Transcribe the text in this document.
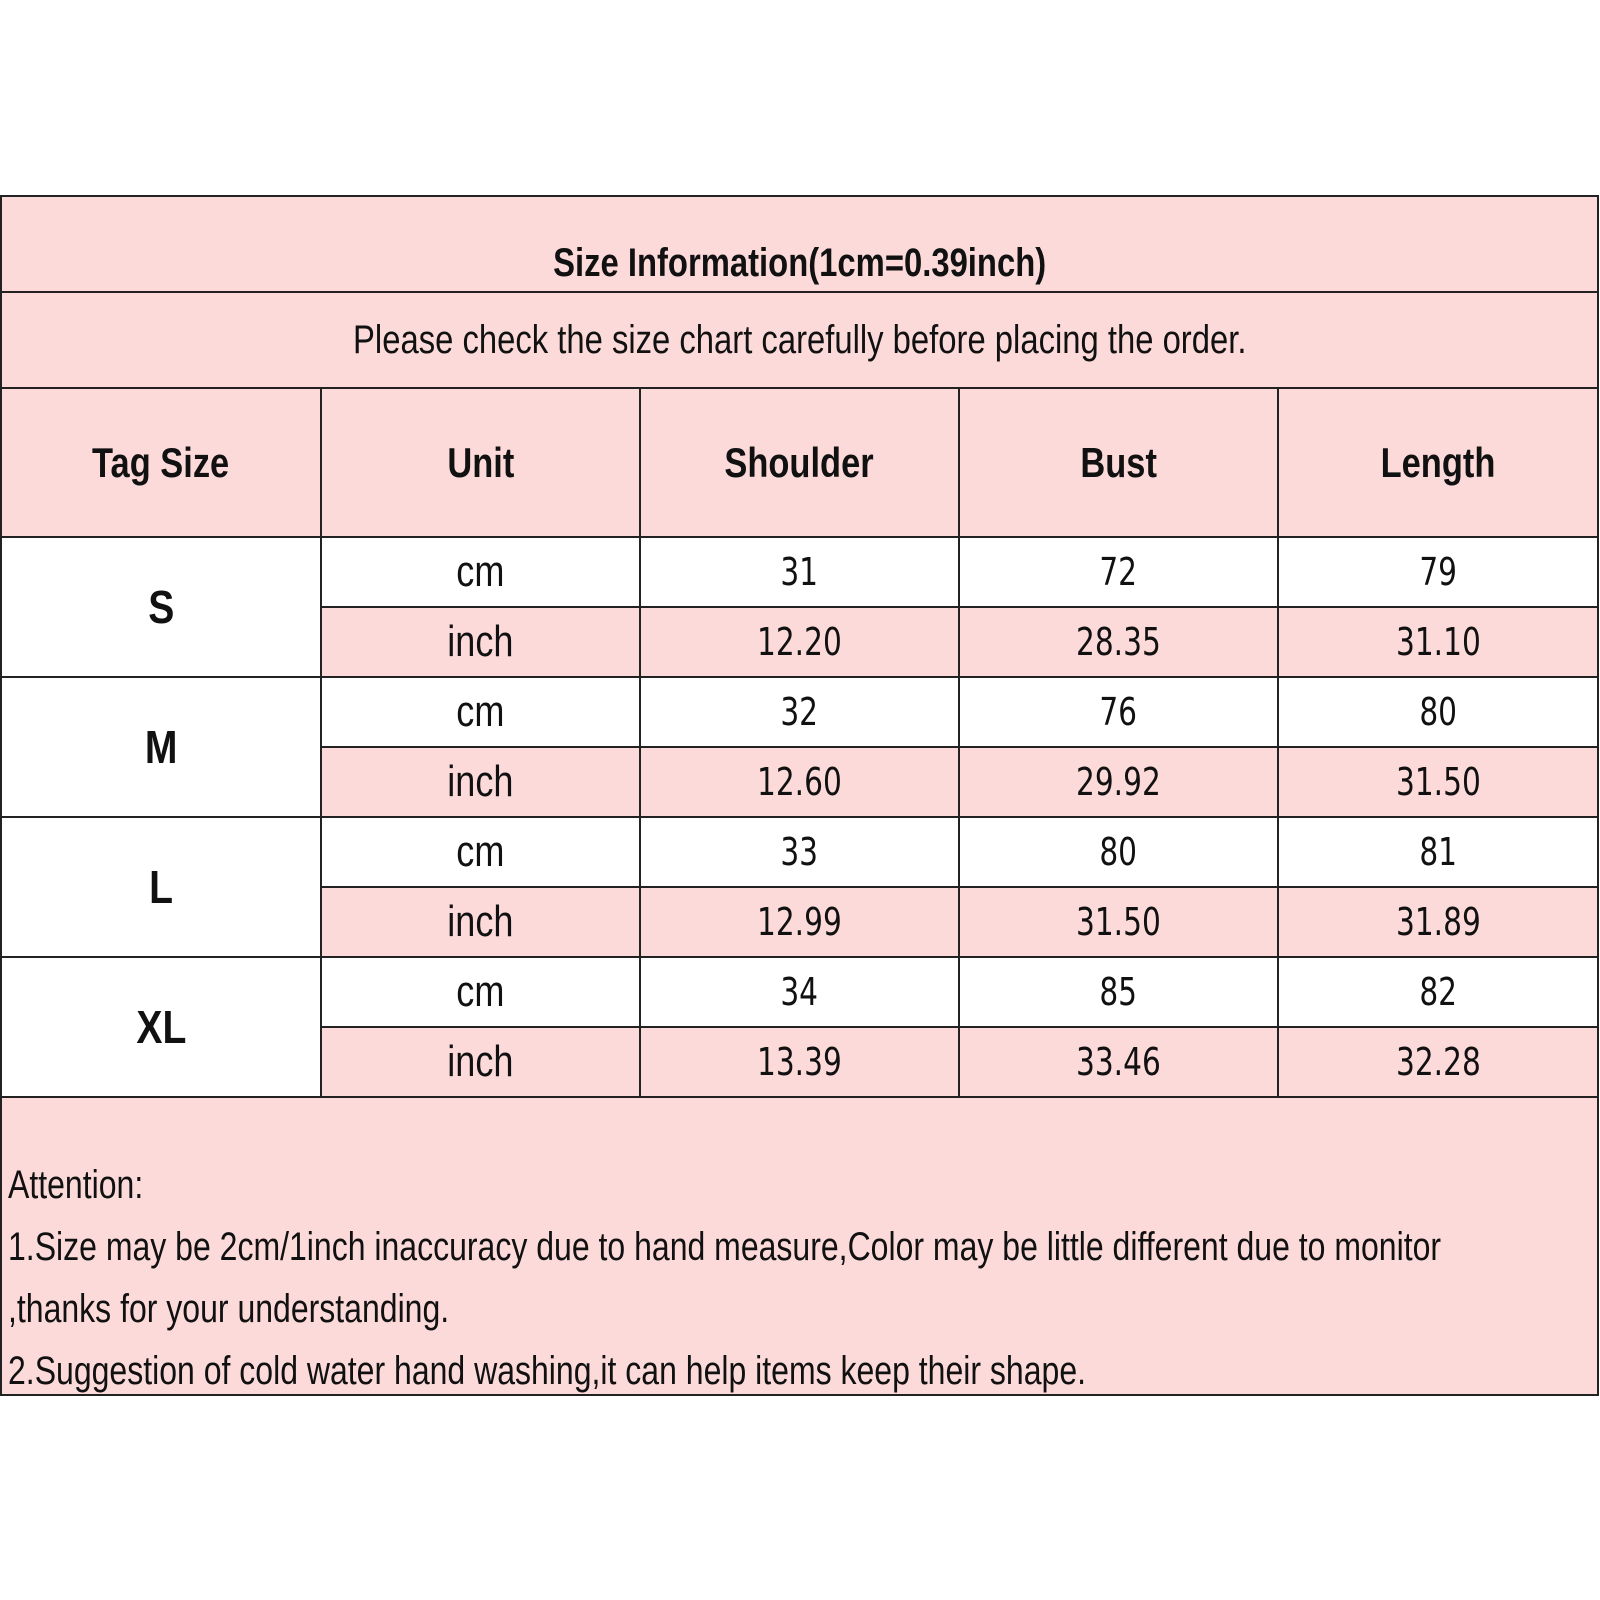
Size Information(1cm=0.39inch)
Please check the size chart carefully before placing the order.
Tag Size	Unit	Shoulder	Bust	Length
S	cm	31	72	79
	inch	12.20	28.35	31.10
M	cm	32	76	80
	inch	12.60	29.92	31.50
L	cm	33	80	81
	inch	12.99	31.50	31.89
XL	cm	34	85	82
	inch	13.39	33.46	32.28
Attention:
1.Size may be 2cm/1inch inaccuracy due to hand measure,Color may be little different due to monitor
,thanks for your understanding.
2.Suggestion of cold water hand washing,it can help items keep their shape.
